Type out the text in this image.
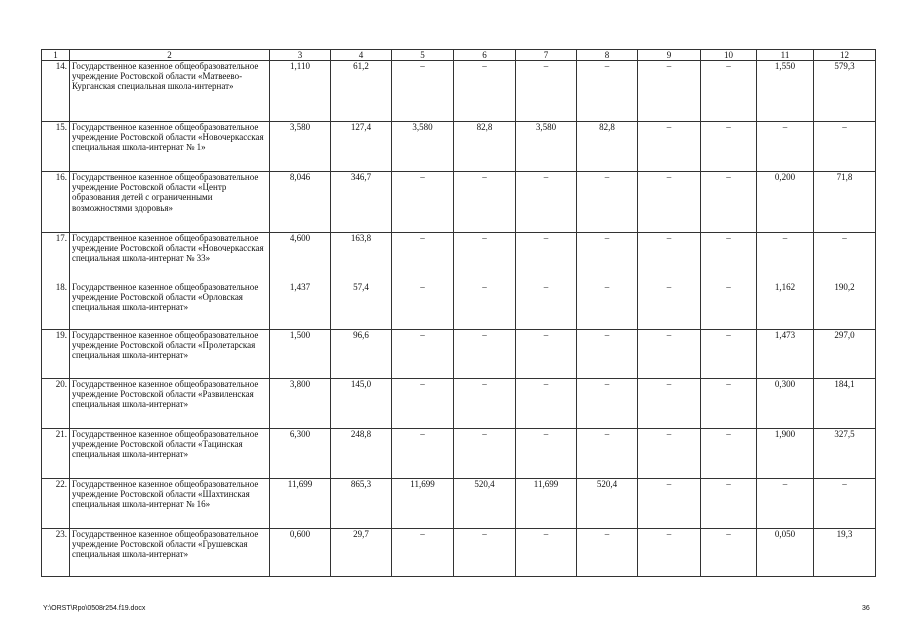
1	2	3	4	5	6	7	8	9	10	11	12
14.	Государственное казенное общеобразовательное учреждение Ростовской области «Матвеево-Курганская специальная школа-интернат»	1,110	61,2	–	–	–	–	–	–	1,550	579,3
15.	Государственное казенное общеобразовательное учреждение Ростовской области «Новочеркасская специальная школа-интернат № 1»	3,580	127,4	3,580	82,8	3,580	82,8	–	–	–	–
16.	Государственное казенное общеобразовательное учреждение Ростовской области «Центр образования детей с ограниченными возможностями здоровья»	8,046	346,7	–	–	–	–	–	–	0,200	71,8
17.	Государственное казенное общеобразовательное учреждение Ростовской области «Новочеркасская специальная школа-интернат № 33»	4,600	163,8	–	–	–	–	–	–	–	–
18.	Государственное казенное общеобразовательное учреждение Ростовской области «Орловская специальная школа-интернат»	1,437	57,4	–	–	–	–	–	–	1,162	190,2
19.	Государственное казенное общеобразовательное учреждение Ростовской области «Пролетарская специальная школа-интернат»	1,500	96,6	–	–	–	–	–	–	1,473	297,0
20.	Государственное казенное общеобразовательное учреждение Ростовской области «Развиленская специальная школа-интернат»	3,800	145,0	–	–	–	–	–	–	0,300	184,1
21.	Государственное казенное общеобразовательное учреждение Ростовской области «Тацинская специальная школа-интернат»	6,300	248,8	–	–	–	–	–	–	1,900	327,5
22.	Государственное казенное общеобразовательное учреждение Ростовской области «Шахтинская специальная школа-интернат № 16»	11,699	865,3	11,699	520,4	11,699	520,4	–	–	–	–
23.	Государственное казенное общеобразовательное учреждение Ростовской области «Грушевская специальная школа-интернат»	0,600	29,7	–	–	–	–	–	–	0,050	19,3
Y:\ORST\Rpo\0508r254.f19.docx	36
